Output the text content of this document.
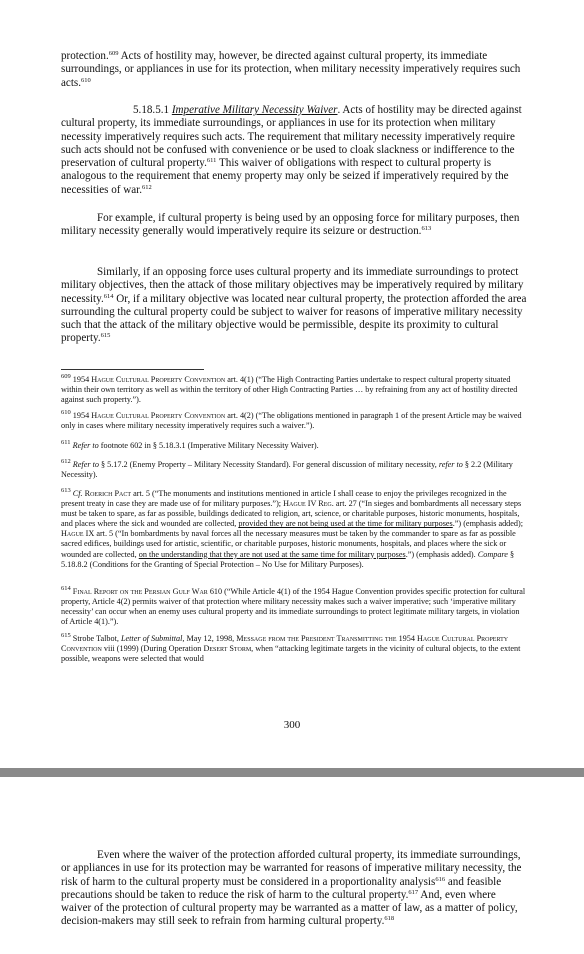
protection.$^{609}$ Acts of hostility may, however, be directed against cultural property, its immediate surroundings, or appliances in use for its protection, when military necessity imperatively requires such acts.$^{610}$

5.18.5.1 Imperative Military Necessity Waiver. Acts of hostility may be directed against cultural property, its immediate surroundings, or appliances in use for its protection when military necessity imperatively requires such acts. The requirement that military necessity imperatively require such acts should not be confused with convenience or be used to cloak slackness or indifference to the preservation of cultural property.$^{611}$ This waiver of obligations with respect to cultural property is analogous to the requirement that enemy property may only be seized if imperatively required by the necessities of war.$^{612}$

For example, if cultural property is being used by an opposing force for military purposes, then military necessity generally would imperatively require its seizure or destruction.$^{613}$

Similarly, if an opposing force uses cultural property and its immediate surroundings to protect military objectives, then the attack of those military objectives may be imperatively required by military necessity.$^{614}$ Or, if a military objective was located near cultural property, the protection afforded the area surrounding the cultural property could be subject to waiver for reasons of imperative military necessity such that the attack of the military objective would be permissible, despite its proximity to cultural property.$^{615}$

$^{609}$ 1954 Hague Cultural Property Convention art. 4(1) (“The High Contracting Parties undertake to respect cultural property situated within their own territory as well as within the territory of other High Contracting Parties … by refraining from any act of hostility directed against such property.”).

$^{610}$ 1954 Hague Cultural Property Convention art. 4(2) (“The obligations mentioned in paragraph 1 of the present Article may be waived only in cases where military necessity imperatively requires such a waiver.”).

$^{611}$ Refer to footnote 602 in § 5.18.3.1 (Imperative Military Necessity Waiver).

$^{612}$ Refer to § 5.17.2 (Enemy Property – Military Necessity Standard). For general discussion of military necessity, refer to § 2.2 (Military Necessity).

$^{613}$ Cf. Roerich Pact art. 5 (“The monuments and institutions mentioned in article I shall cease to enjoy the privileges recognized in the present treaty in case they are made use of for military purposes.”); Hague IV Reg. art. 27 (“In sieges and bombardments all necessary steps must be taken to spare, as far as possible, buildings dedicated to religion, art, science, or charitable purposes, historic monuments, hospitals, and places where the sick and wounded are collected, provided they are not being used at the time for military purposes.”) (emphasis added); Hague IX art. 5 (“In bombardments by naval forces all the necessary measures must be taken by the commander to spare as far as possible sacred edifices, buildings used for artistic, scientific, or charitable purposes, historic monuments, hospitals, and places where the sick or wounded are collected, on the understanding that they are not used at the same time for military purposes.”) (emphasis added). Compare § 5.18.8.2 (Conditions for the Granting of Special Protection – No Use for Military Purposes).

$^{614}$ Final Report on the Persian Gulf War 610 (“While Article 4(1) of the 1954 Hague Convention provides specific protection for cultural property, Article 4(2) permits waiver of that protection where military necessity makes such a waiver imperative; such ‘imperative military necessity’ can occur when an enemy uses cultural property and its immediate surroundings to protect legitimate military targets, in violation of Article 4(1).”).

$^{615}$ Strobe Talbot, Letter of Submittal, May 12, 1998, Message from the President Transmitting the 1954 Hague Cultural Property Convention viii (1999) (During Operation Desert Storm, when “attacking legitimate targets in the vicinity of cultural objects, to the extent possible, weapons were selected that would

300

Even where the waiver of the protection afforded cultural property, its immediate surroundings, or appliances in use for its protection may be warranted for reasons of imperative military necessity, the risk of harm to the cultural property must be considered in a proportionality analysis$^{616}$ and feasible precautions should be taken to reduce the risk of harm to the cultural property.$^{617}$ And, even where waiver of the protection of cultural property may be warranted as a matter of law, as a matter of policy, decision-makers may still seek to refrain from harming cultural property.$^{618}$
